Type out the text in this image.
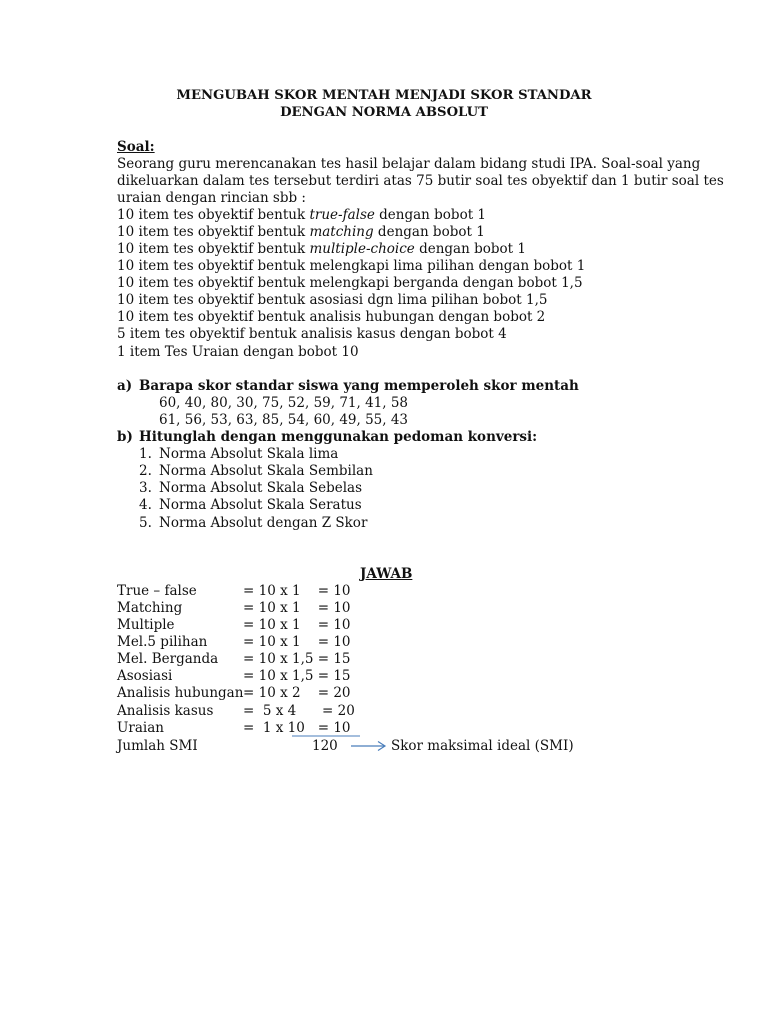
MENGUBAH SKOR MENTAH MENJADI SKOR STANDAR
DENGAN NORMA ABSOLUT
Soal:
Seorang guru merencanakan tes hasil belajar dalam bidang studi IPA. Soal-soal yang
dikeluarkan dalam tes tersebut terdiri atas 75 butir soal tes obyektif dan 1 butir soal tes
uraian dengan rincian sbb :
10 item tes obyektif bentuk true-false dengan bobot 1
10 item tes obyektif bentuk matching dengan bobot 1
10 item tes obyektif bentuk multiple-choice dengan bobot 1
10 item tes obyektif bentuk melengkapi lima pilihan dengan bobot 1
10 item tes obyektif bentuk melengkapi berganda dengan bobot 1,5
10 item tes obyektif bentuk asosiasi dgn lima pilihan bobot 1,5
10 item tes obyektif bentuk analisis hubungan dengan bobot 2
5 item tes obyektif bentuk analisis kasus dengan bobot 4
1 item Tes Uraian dengan bobot 10
a) Barapa skor standar siswa yang memperoleh skor mentah
60, 40, 80, 30, 75, 52, 59, 71, 41, 58
61, 56, 53, 63, 85, 54, 60, 49, 55, 43
b) Hitunglah dengan menggunakan pedoman konversi:
1. Norma Absolut Skala lima
2. Norma Absolut Skala Sembilan
3. Norma Absolut Skala Sebelas
4. Norma Absolut Skala Seratus
5. Norma Absolut dengan Z Skor
JAWAB
True – false	= 10 x 1    = 10
Matching	= 10 x 1    = 10
Multiple	= 10 x 1    = 10
Mel.5 pilihan	= 10 x 1    = 10
Mel. Berganda = 10 x 1,5 = 15
Asosiasi	= 10 x 1,5 = 15
Analisis hubungan = 10 x 2    = 20
Analisis kasus =  5 x 4      = 20
Uraian	=  1 x 10   = 10
Jumlah SMI	120	Skor maksimal ideal (SMI)
